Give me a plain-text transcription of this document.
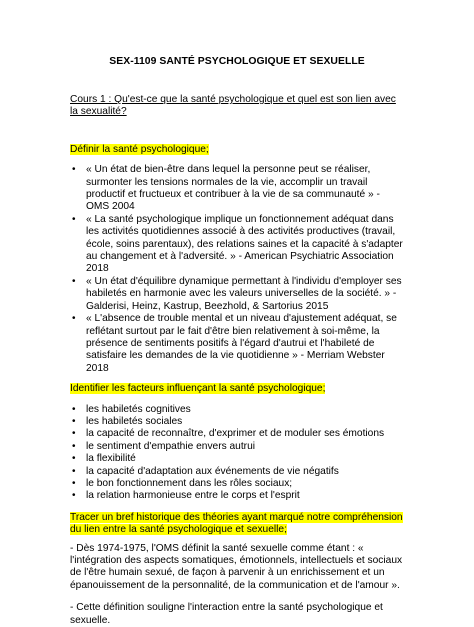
SEX-1109 SANTÉ PSYCHOLOGIQUE ET SEXUELLE

Cours 1 : Qu'est-ce que la santé psychologique et quel est son lien avec la sexualité?

Définir la santé psychologique;

• « Un état de bien-être dans lequel la personne peut se réaliser, surmonter les tensions normales de la vie, accomplir un travail productif et fructueux et contribuer à la vie de sa communauté » - OMS 2004
• « La santé psychologique implique un fonctionnement adéquat dans les activités quotidiennes associé à des activités productives (travail, école, soins parentaux), des relations saines et la capacité à s'adapter au changement et à l'adversité. » - American Psychiatric Association 2018
• « Un état d'équilibre dynamique permettant à l'individu d'employer ses habiletés en harmonie avec les valeurs universelles de la société. » - Galderisi, Heinz, Kastrup, Beezhold, & Sartorius 2015
• « L'absence de trouble mental et un niveau d'ajustement adéquat, se reflétant surtout par le fait d'être bien relativement à soi-même, la présence de sentiments positifs à l'égard d'autrui et l'habileté de satisfaire les demandes de la vie quotidienne » - Merriam Webster 2018

Identifier les facteurs influençant la santé psychologique;

• les habiletés cognitives
• les habiletés sociales
• la capacité de reconnaître, d'exprimer et de moduler ses émotions
• le sentiment d'empathie envers autrui
• la flexibilité
• la capacité d'adaptation aux événements de vie négatifs
• le bon fonctionnement dans les rôles sociaux;
• la relation harmonieuse entre le corps et l'esprit

Tracer un bref historique des théories ayant marqué notre compréhension du lien entre la santé psychologique et sexuelle;

- Dès 1974-1975, l'OMS définit la santé sexuelle comme étant : « l'intégration des aspects somatiques, émotionnels, intellectuels et sociaux de l'être humain sexué, de façon à parvenir à un enrichissement et un épanouissement de la personnalité, de la communication et de l'amour ».

- Cette définition souligne l'interaction entre la santé psychologique et sexuelle.
